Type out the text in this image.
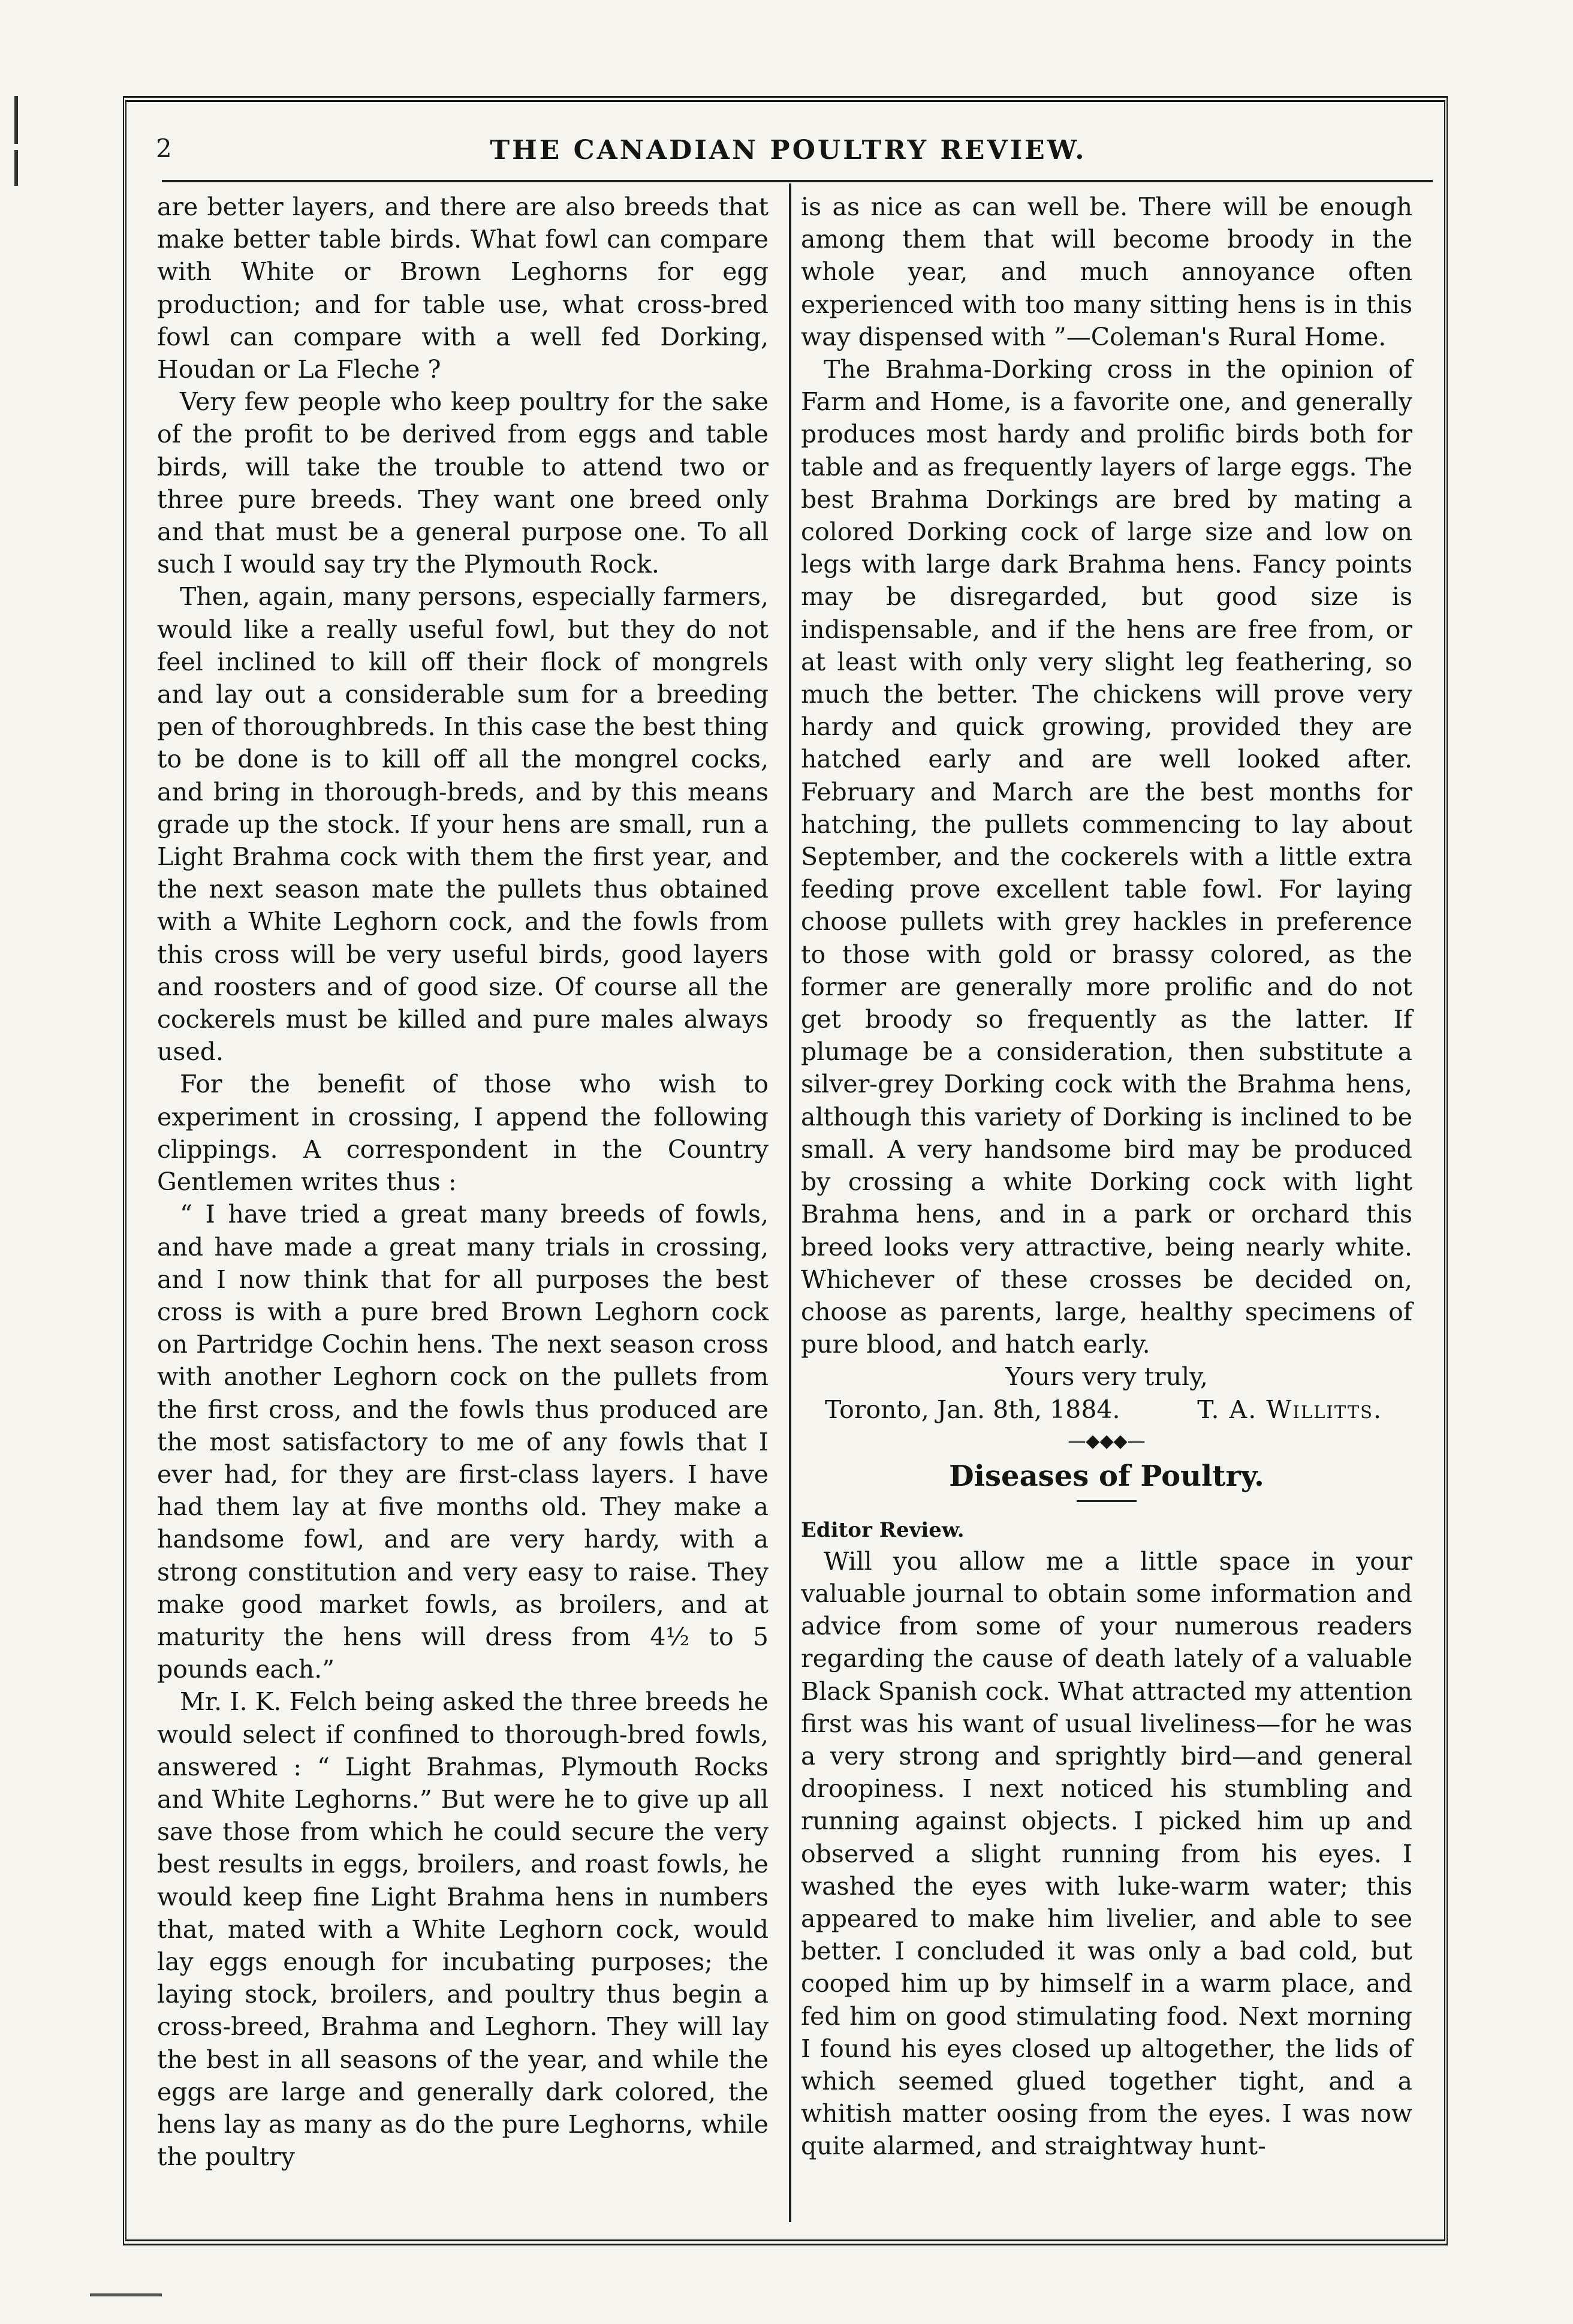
2	THE CANADIAN POULTRY REVIEW.

are better layers, and there are also breeds that make better table birds. What fowl can compare with White or Brown Leghorns for egg production; and for table use, what cross-bred fowl can compare with a well fed Dorking, Houdan or La Fleche ?

Very few people who keep poultry for the sake of the profit to be derived from eggs and table birds, will take the trouble to attend two or three pure breeds. They want one breed only and that must be a general purpose one. To all such I would say try the Plymouth Rock.

Then, again, many persons, especially farmers, would like a really useful fowl, but they do not feel inclined to kill off their flock of mongrels and lay out a considerable sum for a breeding pen of thoroughbreds. In this case the best thing to be done is to kill off all the mongrel cocks, and bring in thorough-breds, and by this means grade up the stock. If your hens are small, run a Light Brahma cock with them the first year, and the next season mate the pullets thus obtained with a White Leghorn cock, and the fowls from this cross will be very useful birds, good layers and roosters and of good size. Of course all the cockerels must be killed and pure males always used.

For the benefit of those who wish to experiment in crossing, I append the following clippings. A correspondent in the Country Gentlemen writes thus :

“ I have tried a great many breeds of fowls, and have made a great many trials in crossing, and I now think that for all purposes the best cross is with a pure bred Brown Leghorn cock on Partridge Cochin hens. The next season cross with another Leghorn cock on the pullets from the first cross, and the fowls thus produced are the most satisfactory to me of any fowls that I ever had, for they are first-class layers. I have had them lay at five months old. They make a handsome fowl, and are very hardy, with a strong constitution and very easy to raise. They make good market fowls, as broilers, and at maturity the hens will dress from 4½ to 5 pounds each.”

Mr. I. K. Felch being asked the three breeds he would select if confined to thorough-bred fowls, answered : “ Light Brahmas, Plymouth Rocks and White Leghorns.” But were he to give up all save those from which he could secure the very best results in eggs, broilers, and roast fowls, he would keep fine Light Brahma hens in numbers that, mated with a White Leghorn cock, would lay eggs enough for incubating purposes; the laying stock, broilers, and poultry thus begin a cross-breed, Brahma and Leghorn. They will lay the best in all seasons of the year, and while the eggs are large and generally dark colored, the hens lay as many as do the pure Leghorns, while the poultry

is as nice as can well be. There will be enough among them that will become broody in the whole year, and much annoyance often experienced with too many sitting hens is in this way dispensed with ”—Coleman's Rural Home.

The Brahma-Dorking cross in the opinion of Farm and Home, is a favorite one, and generally produces most hardy and prolific birds both for table and as frequently layers of large eggs. The best Brahma Dorkings are bred by mating a colored Dorking cock of large size and low on legs with large dark Brahma hens. Fancy points may be disregarded, but good size is indispensable, and if the hens are free from, or at least with only very slight leg feathering, so much the better. The chickens will prove very hardy and quick growing, provided they are hatched early and are well looked after. February and March are the best months for hatching, the pullets commencing to lay about September, and the cockerels with a little extra feeding prove excellent table fowl. For laying choose pullets with grey hackles in preference to those with gold or brassy colored, as the former are generally more prolific and do not get broody so frequently as the latter. If plumage be a consideration, then substitute a silver-grey Dorking cock with the Brahma hens, although this variety of Dorking is inclined to be small. A very handsome bird may be produced by crossing a white Dorking cock with light Brahma hens, and in a park or orchard this breed looks very attractive, being nearly white. Whichever of these crosses be decided on, choose as parents, large, healthy specimens of pure blood, and hatch early.

Yours very truly,
Toronto, Jan. 8th, 1884.	T. A. Willitts.
—◆◆◆—
Diseases of Poultry.
Editor Review.

Will you allow me a little space in your valuable journal to obtain some information and advice from some of your numerous readers regarding the cause of death lately of a valuable Black Spanish cock. What attracted my attention first was his want of usual liveliness—for he was a very strong and sprightly bird—and general droopiness. I next noticed his stumbling and running against objects. I picked him up and observed a slight running from his eyes. I washed the eyes with luke-warm water; this appeared to make him livelier, and able to see better. I concluded it was only a bad cold, but cooped him up by himself in a warm place, and fed him on good stimulating food. Next morning I found his eyes closed up altogether, the lids of which seemed glued together tight, and a whitish matter oosing from the eyes. I was now quite alarmed, and straightway hunt-
